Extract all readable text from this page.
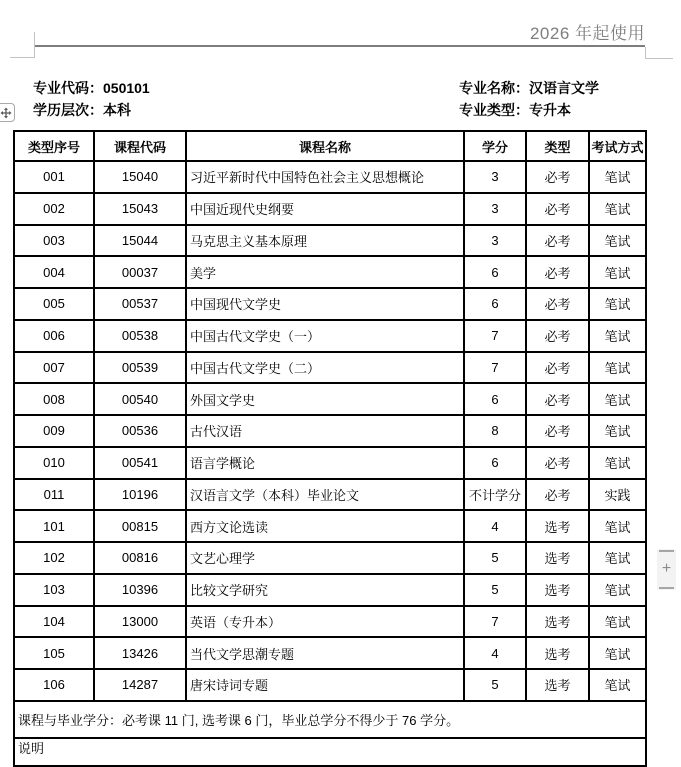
2026 年起使用
专业代码：050101
学历层次：本科
专业名称：汉语言文学
专业类型：专升本
+
类型序号	课程代码	课程名称	学分	类型	考试方式
001	15040	习近平新时代中国特色社会主义思想概论	3	必考	笔试
002	15043	中国近现代史纲要	3	必考	笔试
003	15044	马克思主义基本原理	3	必考	笔试
004	00037	美学	6	必考	笔试
005	00537	中国现代文学史	6	必考	笔试
006	00538	中国古代文学史（一）	7	必考	笔试
007	00539	中国古代文学史（二）	7	必考	笔试
008	00540	外国文学史	6	必考	笔试
009	00536	古代汉语	8	必考	笔试
010	00541	语言学概论	6	必考	笔试
011	10196	汉语言文学（本科）毕业论文	不计学分	必考	实践
101	00815	西方文论选读	4	选考	笔试
102	00816	文艺心理学	5	选考	笔试
103	10396	比较文学研究	5	选考	笔试
104	13000	英语（专升本）	7	选考	笔试
105	13426	当代文学思潮专题	4	选考	笔试
106	14287	唐宋诗词专题	5	选考	笔试
课程与毕业学分：必考课 11 门, 选考课 6 门，毕业总学分不得少于 76 学分。					
说明					
